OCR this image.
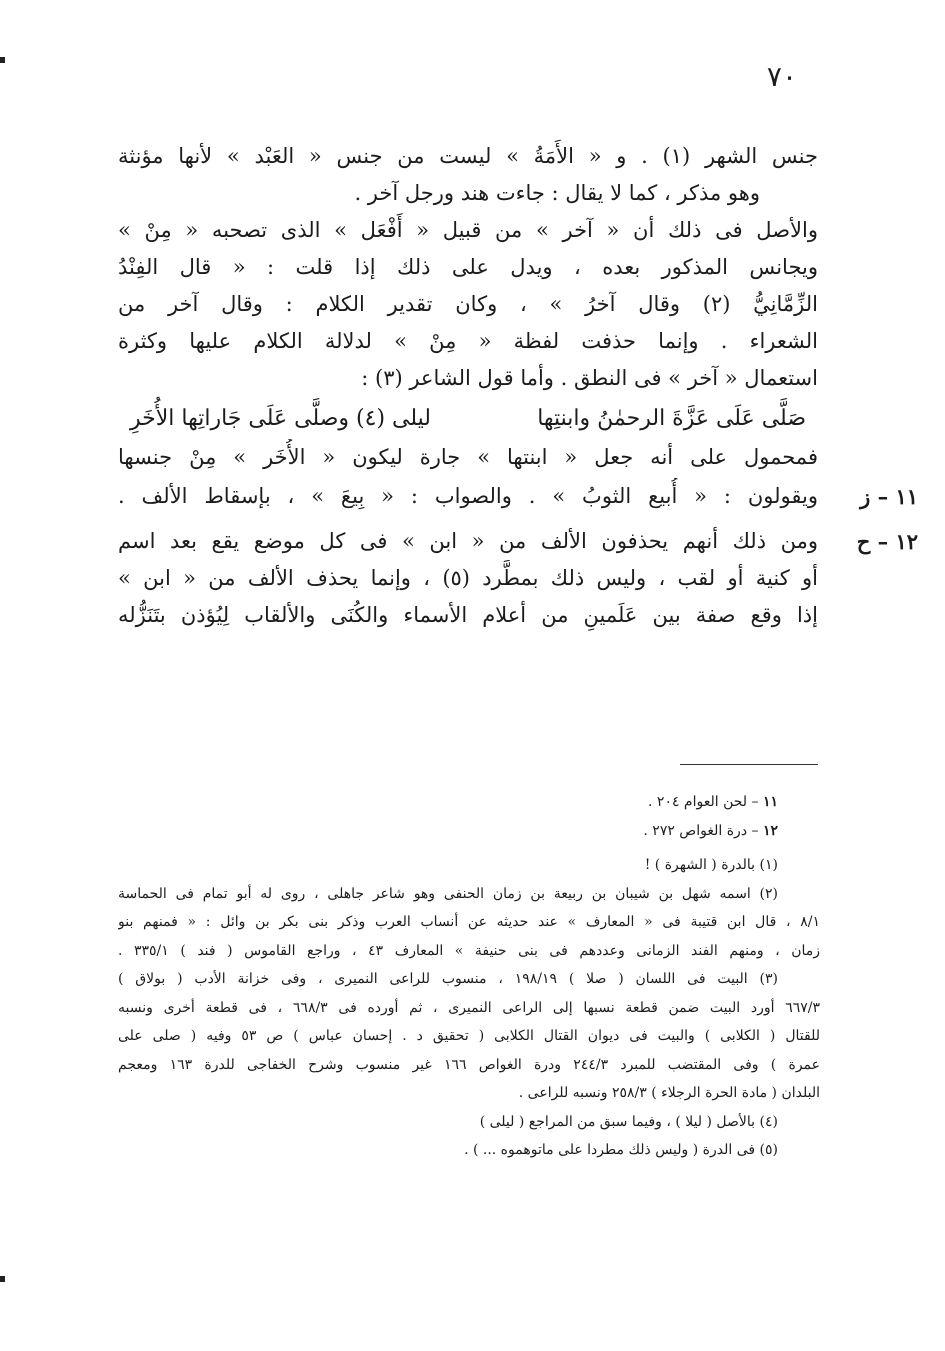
٧٠
جنس الشهر (١) . و « الأَمَةُ » ليست من جنس « العَبْد » لأنها مؤنثة
وهو مذكر ، كما لا يقال : جاءت هند ورجل آخر .
والأصل فى ذلك أن « آخر » من قبيل « أَفْعَل » الذى تصحبه « مِنْ »
ويجانس المذكور بعده ، ويدل على ذلك إذا قلت : « قال الفِنْدُ
الزِّمَّانِيُّ (٢) وقال آخرُ » ، وكان تقدير الكلام : وقال آخر من
الشعراء . وإنما حذفت لفظة « مِنْ » لدلالة الكلام عليها وكثرة
استعمال « آخر » فى النطق . وأما قول الشاعر (٣) :
صَلَّى عَلَى عَزَّةَ الرحمٰنُ وابنتِها
ليلى (٤) وصلَّى عَلَى جَاراتِها الأُخَرِ
فمحمول على أنه جعل « ابنتها » جارة ليكون « الأُخَر » مِنْ جنسها
١١ – ز
ويقولون : « أُبيع الثوبُ » . والصواب : « بِيعَ » ، بإسقاط الألف .
١٢ – ح
ومن ذلك أنهم يحذفون الألف من « ابن » فى كل موضع يقع بعد اسم
أو كنية أو لقب ، وليس ذلك بمطَّرد (٥) ، وإنما يحذف الألف من « ابن »
إذا وقع صفة بين عَلَمينِ من أعلام الأسماء والكُنَى والألقاب لِيُؤذن بتَنَزُّله
١١ – لحن العوام ٢٠٤ .
١٢ – درة الغواص ٢٧٢ .
(١) بالدرة ( الشهرة ) !
(٢) اسمه شهل بن شيبان بن ربيعة بن زمان الحنفى وهو شاعر جاهلى ، روى له أبو تمام فى الحماسة
٨/١ ، قال ابن قتيبة فى « المعارف » عند حديثه عن أنساب العرب وذكر بنى بكر بن وائل : « فمنهم بنو
زمان ، ومنهم الفند الزمانى وعددهم فى بنى حنيفة » المعارف ٤٣ ، وراجع القاموس ( فند ) ٣٣٥/١ .
(٣) البيت فى اللسان ( صلا ) ١٩٨/١٩ ، منسوب للراعى النميرى ، وفى خزانة الأدب ( بولاق )
٦٦٧/٣ أورد البيت ضمن قطعة نسبها إلى الراعى النميرى ، ثم أورده فى ٦٦٨/٣ ، فى قطعة أخرى ونسبه
للقتال ( الكلابى ) والبيت فى ديوان القتال الكلابى ( تحقيق د . إحسان عباس ) ص ٥٣ وفيه ( صلى على
عمرة ) وفى المقتضب للمبرد ٢٤٤/٣ ودرة الغواص ١٦٦ غير منسوب وشرح الخفاجى للدرة ١٦٣ ومعجم
البلدان ( مادة الحرة الرجلاء ) ٢٥٨/٣ ونسبه للراعى .
(٤) بالأصل ( ليلا ) ، وفيما سبق من المراجع ( ليلى )
(٥) فى الدرة ( وليس ذلك مطردا على ماتوهموه ... ) .
